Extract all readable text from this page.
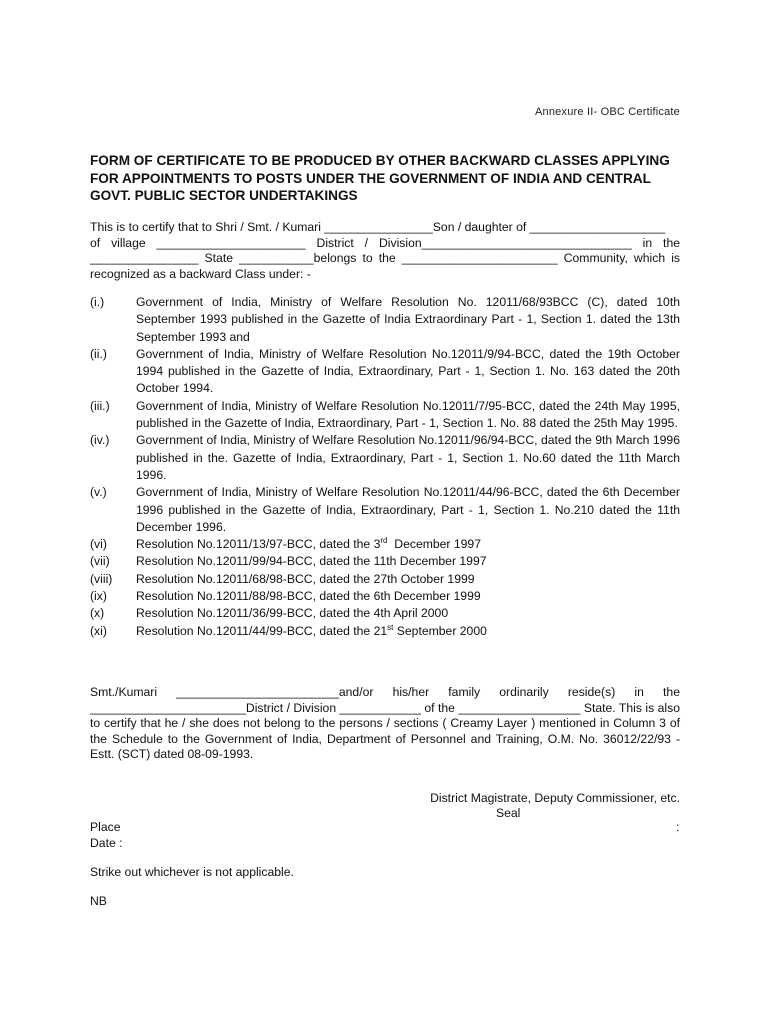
Annexure II- OBC Certificate
FORM OF CERTIFICATE TO BE PRODUCED BY OTHER BACKWARD CLASSES APPLYING FOR APPOINTMENTS TO POSTS UNDER THE GOVERNMENT OF INDIA AND CENTRAL GOVT. PUBLIC SECTOR UNDERTAKINGS

This is to certify that to Shri / Smt. / Kumari ________________Son / daughter of ____________________
of village ______________________ District / Division_______________________________ in the ________________ State ___________belongs to the _______________________ Community, which is recognized as a backward Class under: -

(i.)	Government of India, Ministry of Welfare Resolution No. 12011/68/93BCC (C), dated 10th September 1993 published in the Gazette of India Extraordinary Part - 1, Section 1. dated the 13th September 1993 and
(ii.)	Government of India, Ministry of Welfare Resolution No.12011/9/94-BCC, dated the 19th October 1994 published in the Gazette of India, Extraordinary, Part - 1, Section 1. No. 163 dated the 20th October 1994.
(iii.)	Government of India, Ministry of Welfare Resolution No.12011/7/95-BCC, dated the 24th May 1995, published in the Gazette of India, Extraordinary, Part - 1, Section 1. No. 88 dated the 25th May 1995.
(iv.)	Government of India, Ministry of Welfare Resolution No.12011/96/94-BCC, dated the 9th March 1996 published in the. Gazette of India, Extraordinary, Part - 1, Section 1. No.60 dated the 11th March 1996.
(v.)	Government of India, Ministry of Welfare Resolution No.12011/44/96-BCC, dated the 6th December 1996 published in the Gazette of India, Extraordinary, Part - 1, Section 1. No.210 dated the 11th December 1996.
(vi)	Resolution No.12011/13/97-BCC, dated the 3rd  December 1997
(vii)	Resolution No.12011/99/94-BCC, dated the 11th December 1997
(viii)	Resolution No.12011/68/98-BCC, dated the 27th October 1999
(ix)	Resolution No.12011/88/98-BCC, dated the 6th December 1999
(x)	Resolution No.12011/36/99-BCC, dated the 4th April 2000
(xi)	Resolution No.12011/44/99-BCC, dated the 21st September 2000

Smt./Kumari ________________________and/or his/her family ordinarily reside(s) in the _______________________District / Division ____________ of the __________________ State. This is also to certify that he / she does not belong to the persons / sections ( Creamy Layer ) mentioned in Column 3 of the Schedule to the Government of India, Department of Personnel and Training, O.M. No. 36012/22/93 - Estt. (SCT) dated 08-09-1993.

District Magistrate, Deputy Commissioner, etc.
Seal
Place	:
Date :
Strike out whichever is not applicable.
NB
